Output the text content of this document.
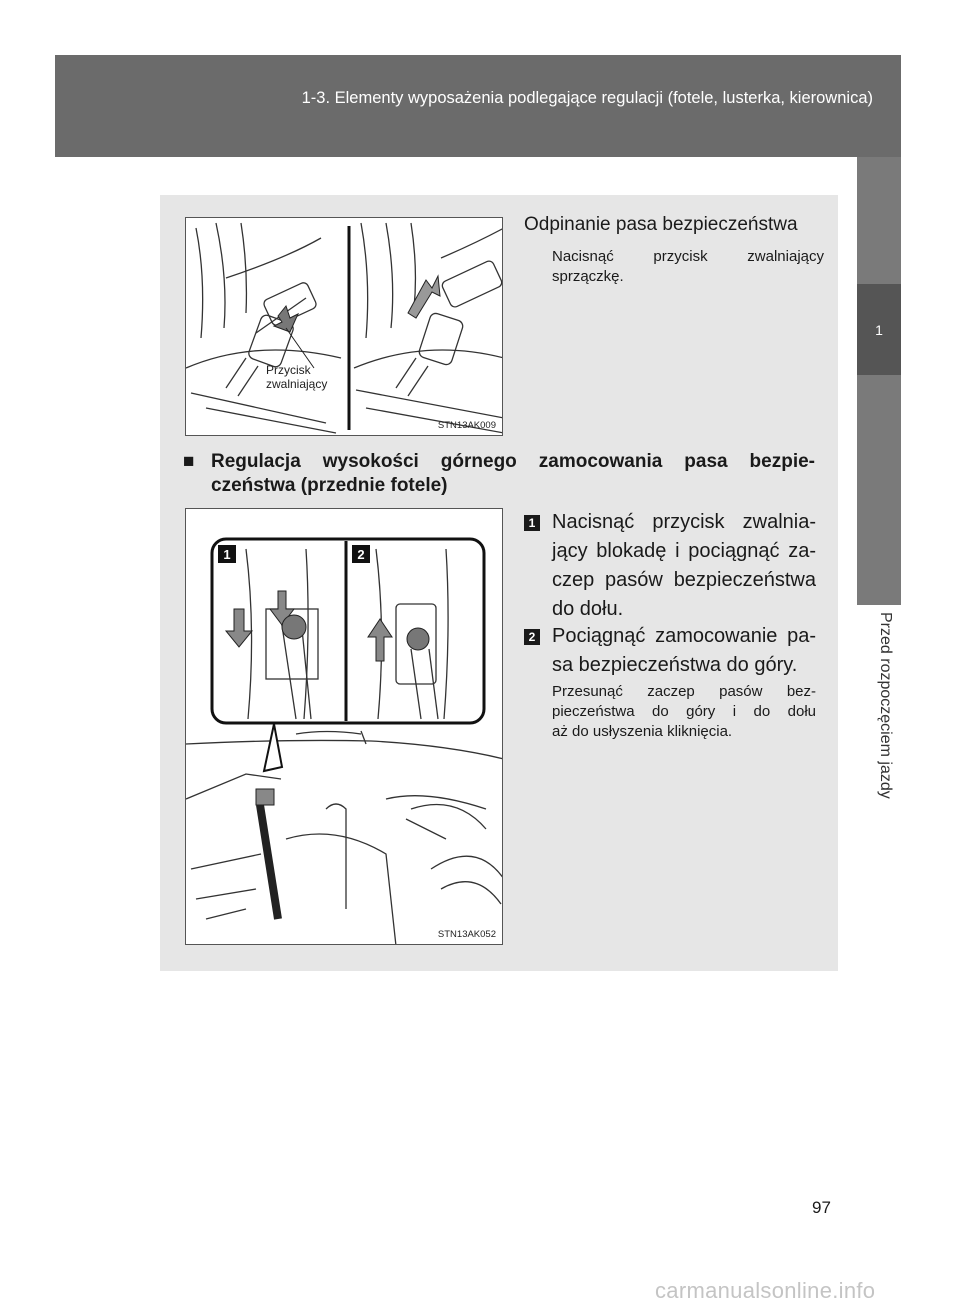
1-3. Elementy wyposażenia podlegające regulacji (fotele, lusterka, kierownica)
1
Przed rozpoczęciem jazdy
Przycisk
zwalniający
STN13AK009
Odpinanie pasa bezpieczeństwa
Nacisnąć przycisk zwalniający
sprzączkę.
■ Regulacja wysokości górnego zamocowania pasa bezpie-
czeństwa (przednie fotele)
1	2
STN13AK052
1 Nacisnąć przycisk zwalnia-
jący blokadę i pociągnąć za-
czep pasów bezpieczeństwa
do dołu.
2 Pociągnąć zamocowanie pa-
sa bezpieczeństwa do góry.
Przesunąć zaczep pasów bez-
pieczeństwa do góry i do dołu
aż do usłyszenia kliknięcia.
97
carmanualsonline.info
